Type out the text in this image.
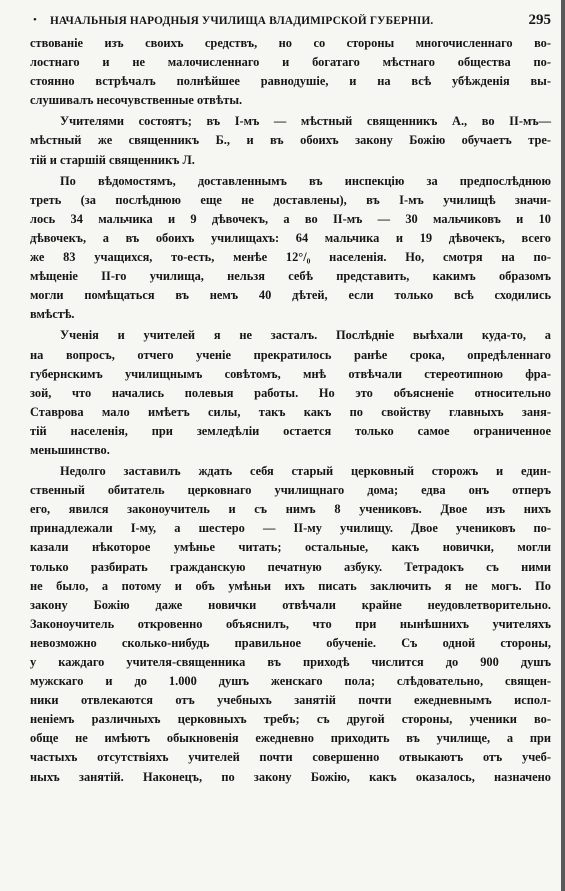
• НАЧАЛЬНЫЯ НАРОДНЫЯ УЧИЛИЩА ВЛАДИМІРСКОЙ ГУБЕРНІИ.	295

ствованіе изъ своихъ средствъ, но со стороны многочисленнаго во-
лостнаго и не малочисленнаго и богатаго мѣстнаго общества по-
стоянно встрѣчалъ полнѣйшее равнодушіе, и на всѣ убѣжденія вы-
слушивалъ несочувственные отвѣты.

Учителями состоятъ; въ I-мъ — мѣстный священникъ А., во II-мъ—
мѣстный же священникъ Б., и въ обоихъ закону Божію обучаетъ тре-
тій и старшій священникъ Л.

По вѣдомостямъ, доставленнымъ въ инспекцію за предпослѣднюю
треть (за послѣднюю еще не доставлены), въ I-мъ училищѣ значи-
лось 34 мальчика и 9 дѣвочекъ, а во II-мъ — 30 мальчиковъ и 10
дѣвочекъ, а въ обоихъ училищахъ: 64 мальчика и 19 дѣвочекъ, всего
же 83 учащихся, то-есть, менѣе 12°/₀ населенія. Но, смотря на по-
мѣщеніе II-го училища, нельзя себѣ представить, какимъ образомъ
могли помѣщаться въ немъ 40 дѣтей, если только всѣ сходились
вмѣстѣ.

Ученія и учителей я не засталъ. Послѣдніе выѣхали куда-то, а
на вопросъ, отчего ученіе прекратилось ранѣе срока, опредѣленнаго
губернскимъ училищнымъ совѣтомъ, мнѣ отвѣчали стереотипною фра-
зой, что начались полевыя работы. Но это объясненіе относительно
Ставрова мало имѣетъ силы, такъ какъ по свойству главныхъ заня-
тій населенія, при земледѣліи остается только самое ограниченное
меньшинство.

Недолго заставилъ ждать себя старый церковный сторожъ и един-
ственный обитатель церковнаго училищнаго дома; едва онъ отперъ
его, явился законоучитель и съ нимъ 8 учениковъ. Двое изъ нихъ
принадлежали I-му, а шестеро — II-му училищу. Двое учениковъ по-
казали нѣкоторое умѣнье читать; остальные, какъ новички, могли
только разбирать гражданскую печатную азбуку. Тетрадокъ съ ними
не было, а потому и объ умѣньи ихъ писать заключить я не могъ. По
закону Божію даже новички отвѣчали крайне неудовлетворительно.
Законоучитель откровенно объяснилъ, что при нынѣшнихъ учителяхъ
невозможно сколько-нибудь правильное обученіе. Съ одной стороны,
у каждаго учителя-священника въ приходѣ числится до 900 душъ
мужскаго и до 1.000 душъ женскаго пола; слѣдовательно, священ-
ники отвлекаются отъ учебныхъ занятій почти ежедневнымъ испол-
неніемъ различныхъ церковныхъ требъ; съ другой стороны, ученики во-
обще не имѣютъ обыкновенія ежедневно приходить въ училище, а при
частыхъ отсутствіяхъ учителей почти совершенно отвыкаютъ отъ учеб-
ныхъ занятій. Наконецъ, по закону Божію, какъ оказалось, назначено
